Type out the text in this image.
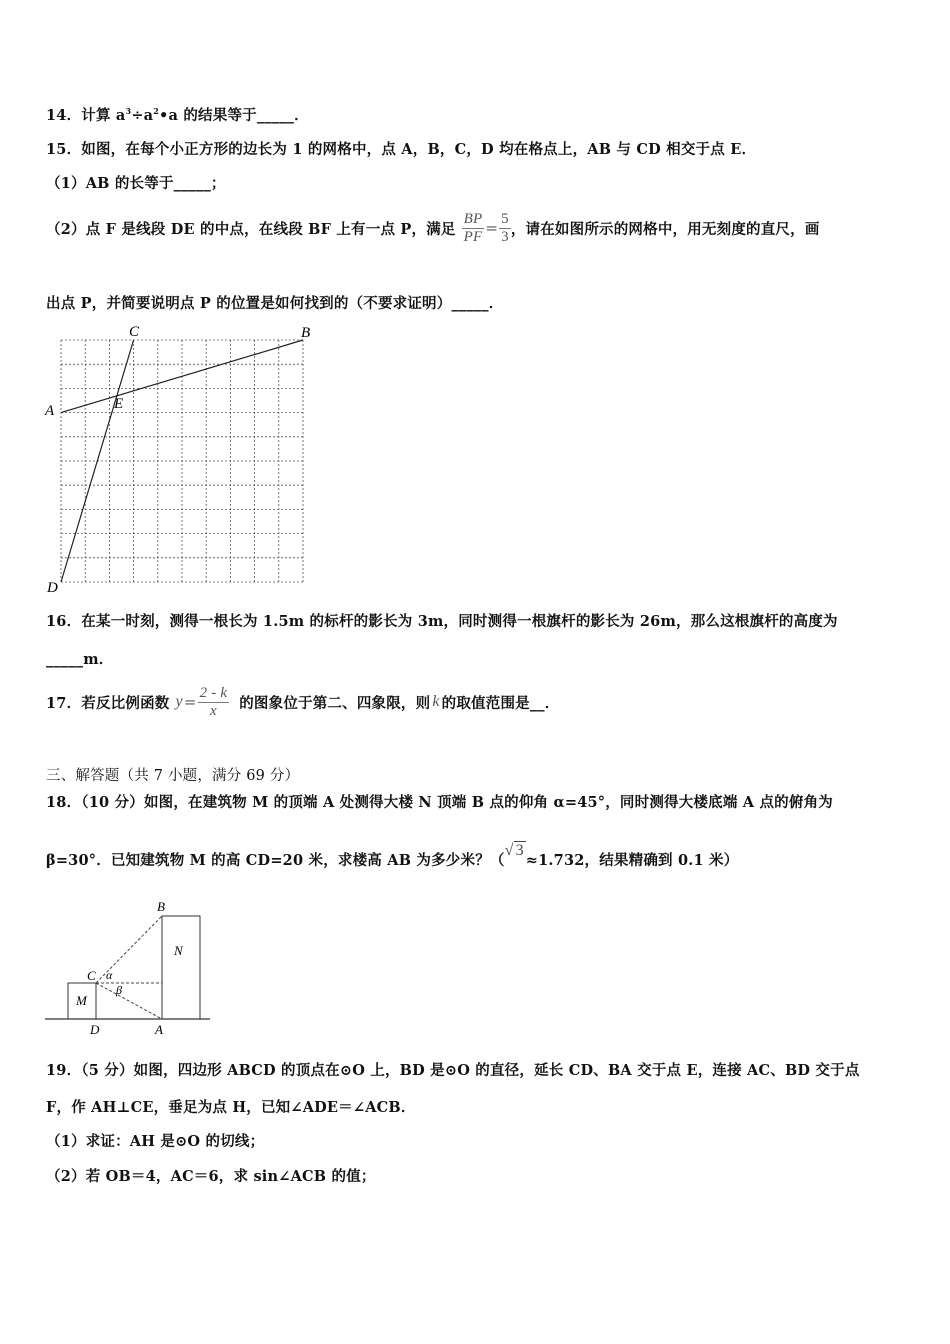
14．计算 $a^3\div a^2•a$ 的结果等于_____．
15．如图，在每个小正方形的边长为 1 的网格中，点 A，B，C，D 均在格点上，AB 与 CD 相交于点 E．
（1）AB 的长等于_____；
（2）点 F 是线段 DE 的中点，在线段 BF 上有一点 P，满足 $\frac{BP}{PF} = \frac{5}{3}$ ，请在如图所示的网格中，用无刻度的直尺，画
出点 P，并简要说明点 P 的位置是如何找到的（不要求证明）_____．
C	B
A	E
D
16．在某一时刻，测得一根长为 1.5m 的标杆的影长为 3m，同时测得一根旗杆的影长为 26m，那么这根旗杆的高度为
_____m．
17．若反比例函数 $y = \frac{2 - k}{x}$ 的图象位于第二、四象限，则 k 的取值范围是__．
三、解答题（共 7 小题，满分 69 分）
18．（10 分）如图，在建筑物 M 的顶端 A 处测得大楼 N 顶端 B 点的仰角 α=45°，同时测得大楼底端 A 点的俯角为
β=30°．已知建筑物 M 的高 CD=20 米，求楼高 AB 为多少米？（
√ 3
≈1.732，结果精确到 0.1 米）
B
N
C α
β
M
D	A
19．（5 分）如图，四边形 ABCD 的顶点在⊙O 上，BD 是⊙O 的直径，延长 CD、BA 交于点 E，连接 AC、BD 交于点
F，作 AH⊥CE，垂足为点 H，已知∠ADE＝∠ACB．
（1）求证：AH 是⊙O 的切线；
（2）若 OB＝4，AC＝6，求 sin∠ACB 的值；
